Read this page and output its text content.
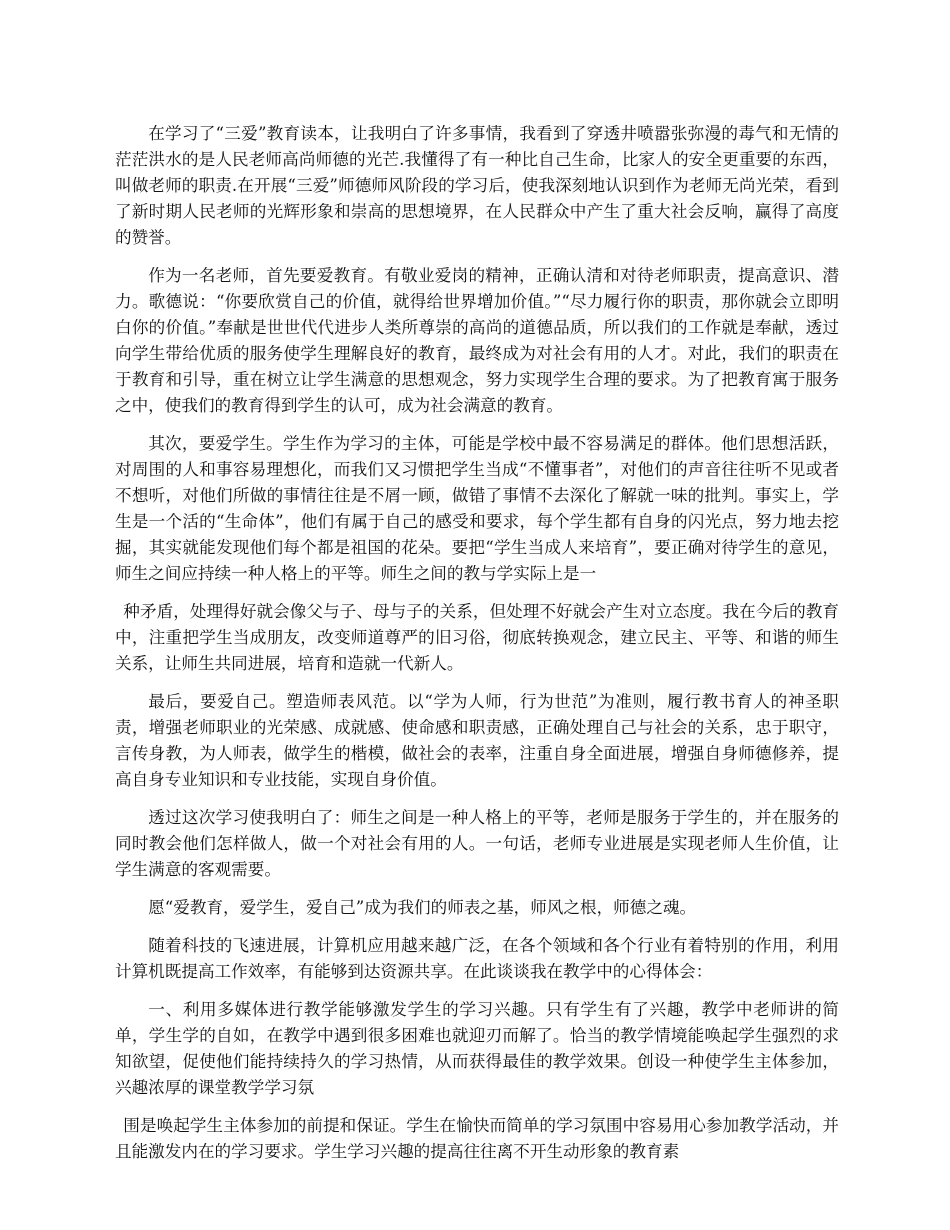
在学习了“三爱”教育读本，让我明白了许多事情，我看到了穿透井喷嚣张弥漫的毒气和无情的茫茫洪水的是人民老师高尚师德的光芒.我懂得了有一种比自己生命，比家人的安全更重要的东西，叫做老师的职责.在开展“三爱”师德师风阶段的学习后，使我深刻地认识到作为老师无尚光荣，看到了新时期人民老师的光辉形象和崇高的思想境界，在人民群众中产生了重大社会反响，赢得了高度的赞誉。

作为一名老师，首先要爱教育。有敬业爱岗的精神，正确认清和对待老师职责，提高意识、潜力。歌德说：“你要欣赏自己的价值，就得给世界增加价值。”“尽力履行你的职责，那你就会立即明白你的价值。”奉献是世世代代进步人类所尊崇的高尚的道德品质，所以我们的工作就是奉献，透过向学生带给优质的服务使学生理解良好的教育，最终成为对社会有用的人才。对此，我们的职责在于教育和引导，重在树立让学生满意的思想观念，努力实现学生合理的要求。为了把教育寓于服务之中，使我们的教育得到学生的认可，成为社会满意的教育。

其次，要爱学生。学生作为学习的主体，可能是学校中最不容易满足的群体。他们思想活跃，对周围的人和事容易理想化，而我们又习惯把学生当成“不懂事者”，对他们的声音往往听不见或者不想听，对他们所做的事情往往是不屑一顾，做错了事情不去深化了解就一味的批判。事实上，学生是一个活的“生命体”，他们有属于自己的感受和要求，每个学生都有自身的闪光点，努力地去挖掘，其实就能发现他们每个都是祖国的花朵。要把“学生当成人来培育”，要正确对待学生的意见，师生之间应持续一种人格上的平等。师生之间的教与学实际上是一

种矛盾，处理得好就会像父与子、母与子的关系，但处理不好就会产生对立态度。我在今后的教育中，注重把学生当成朋友，改变师道尊严的旧习俗，彻底转换观念，建立民主、平等、和谐的师生关系，让师生共同进展，培育和造就一代新人。

最后，要爱自己。塑造师表风范。以“学为人师，行为世范”为准则，履行教书育人的神圣职责，增强老师职业的光荣感、成就感、使命感和职责感，正确处理自己与社会的关系，忠于职守，言传身教，为人师表，做学生的楷模，做社会的表率，注重自身全面进展，增强自身师德修养，提高自身专业知识和专业技能，实现自身价值。

透过这次学习使我明白了：师生之间是一种人格上的平等，老师是服务于学生的，并在服务的同时教会他们怎样做人，做一个对社会有用的人。一句话，老师专业进展是实现老师人生价值，让学生满意的客观需要。

愿“爱教育，爱学生，爱自己”成为我们的师表之基，师风之根，师德之魂。

随着科技的飞速进展，计算机应用越来越广泛，在各个领域和各个行业有着特别的作用，利用计算机既提高工作效率，有能够到达资源共享。在此谈谈我在教学中的心得体会：

一、利用多媒体进行教学能够激发学生的学习兴趣。只有学生有了兴趣，教学中老师讲的简单，学生学的自如，在教学中遇到很多困难也就迎刃而解了。恰当的教学情境能唤起学生强烈的求知欲望，促使他们能持续持久的学习热情，从而获得最佳的教学效果。创设一种使学生主体参加，兴趣浓厚的课堂教学学习氛

围是唤起学生主体参加的前提和保证。学生在愉快而简单的学习氛围中容易用心参加教学活动，并且能激发内在的学习要求。学生学习兴趣的提高往往离不开生动形象的教育素
